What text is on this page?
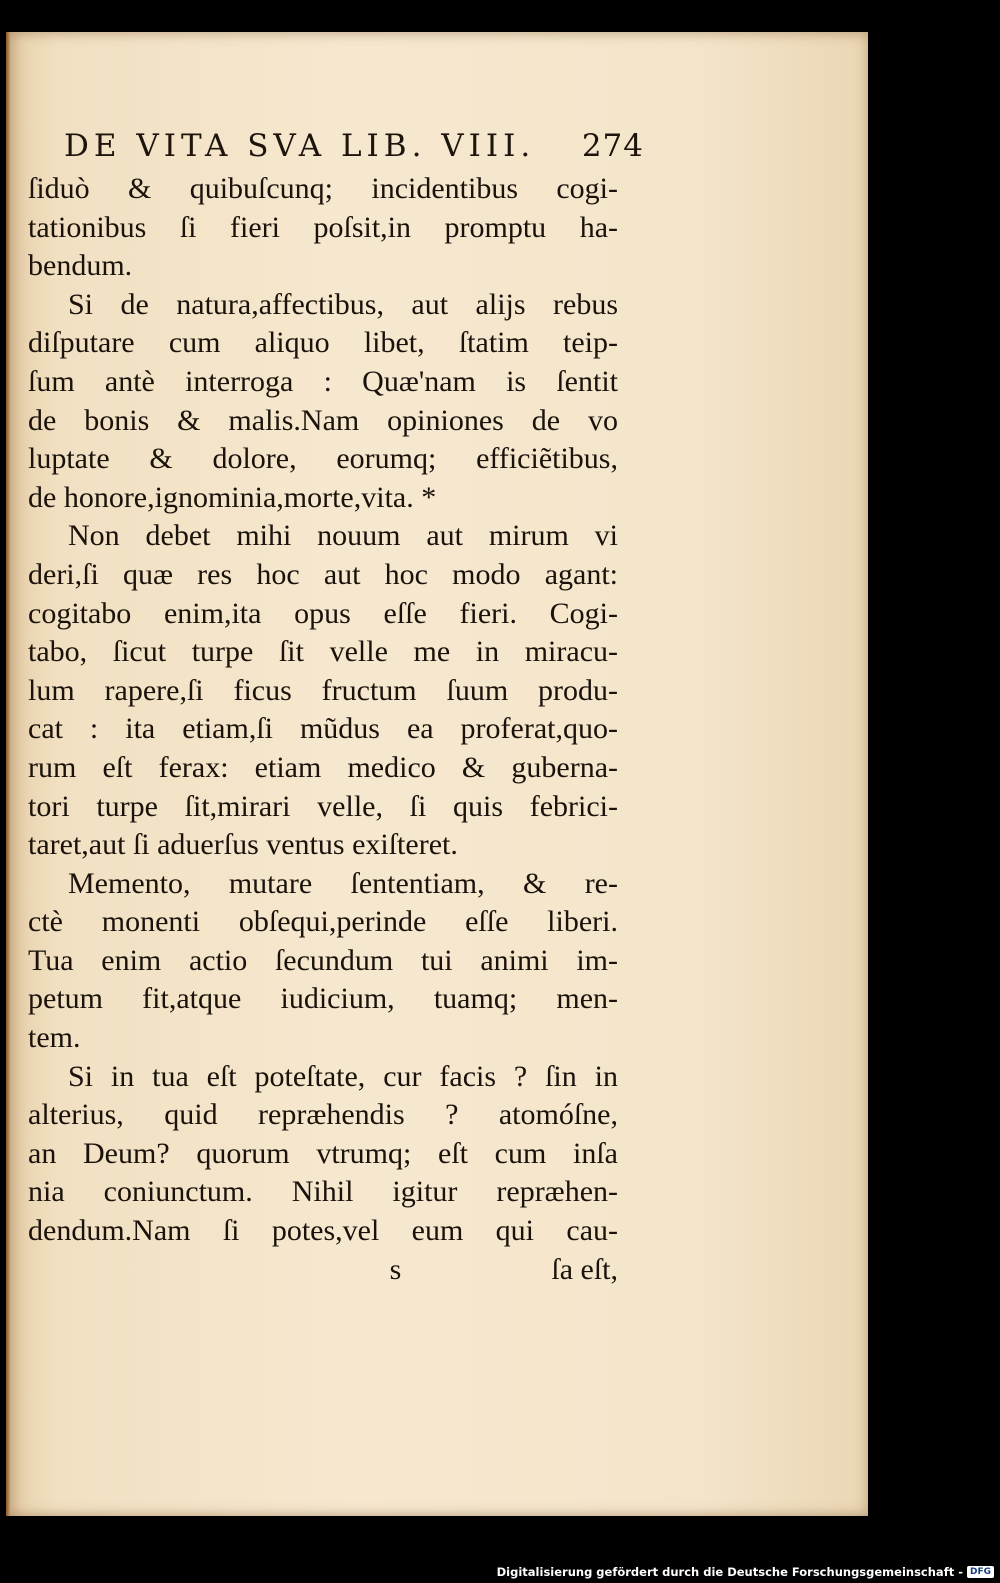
DE VITA SVA LIB. VIII. 274
ſiduò & quibuſcunq; incidentibus cogi-
tationibus ſi fieri poſsit,in promptu ha-
bendum.
Si de natura,affectibus, aut alijs rebus
diſputare cum aliquo libet, ſtatim teip-
ſum antè interroga : Quæ'nam is ſentit
de bonis & malis.Nam opiniones de vo
luptate & dolore, eorumq; efficiẽtibus,
de honore,ignominia,morte,vita. *
Non debet mihi nouum aut mirum vi
deri,ſi quæ res hoc aut hoc modo agant:
cogitabo enim,ita opus eſſe fieri. Cogi-
tabo, ſicut turpe ſit velle me in miracu-
lum rapere,ſi ficus fructum ſuum produ-
cat : ita etiam,ſi mũdus ea proferat,quo-
rum eſt ferax: etiam medico & guberna-
tori turpe ſit,mirari velle, ſi quis febrici-
taret,aut ſi aduerſus ventus exiſteret.
Memento, mutare ſententiam, & re-
ctè monenti obſequi,perinde eſſe liberi.
Tua enim actio ſecundum tui animi im-
petum fit,atque iudicium, tuamq; men-
tem.
Si in tua eſt poteſtate, cur facis ? ſin in
alterius, quid repræhendis ? atomóſne,
an Deum? quorum vtrumq; eſt cum inſa
nia coniunctum. Nihil igitur repræhen-
dendum.Nam ſi potes,vel eum qui cau-
s	ſa eſt,
Digitalisierung gefördert durch die Deutsche Forschungsgemeinschaft - DFG
